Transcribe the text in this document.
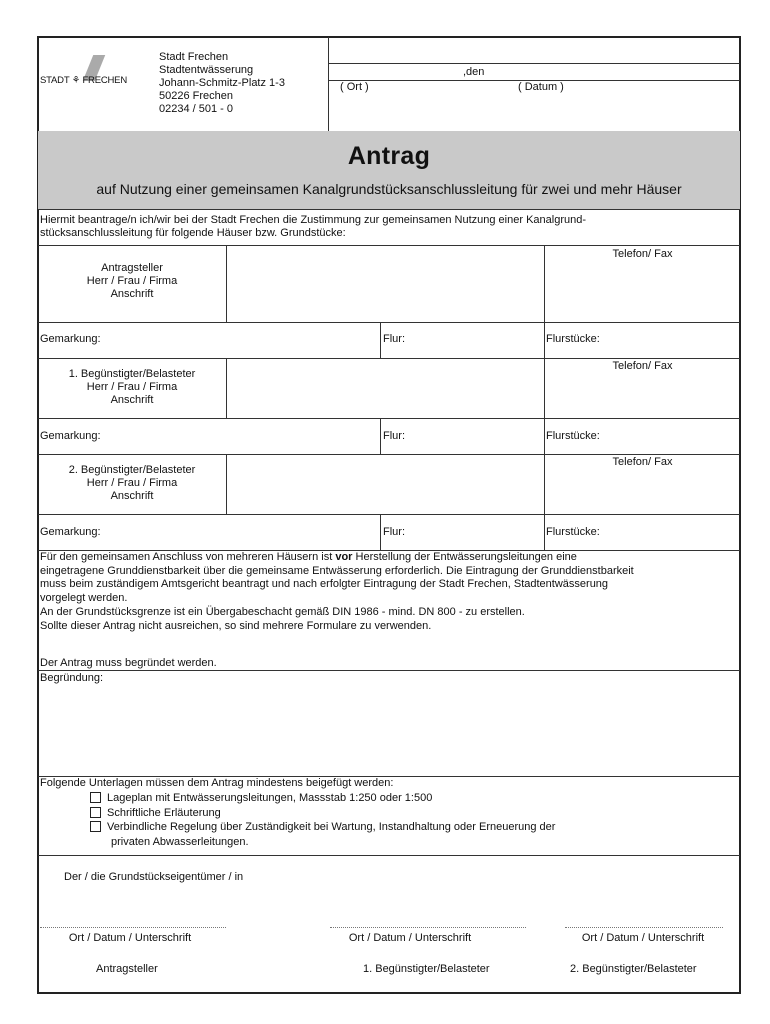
STADT ⚘ FRECHEN
Stadt Frechen
Stadtentwässerung
Johann-Schmitz-Platz 1-3
50226 Frechen
02234 / 501 - 0
,den
( Ort )	( Datum )
Antrag
auf Nutzung einer gemeinsamen Kanalgrundstücksanschlussleitung für zwei und mehr Häuser
Hiermit beantrage/n ich/wir bei der Stadt Frechen die Zustimmung zur gemeinsamen Nutzung einer Kanalgrund-
stücksanschlussleitung für folgende Häuser bzw. Grundstücke:
Antragsteller
Herr / Frau / Firma
Anschrift
Telefon/ Fax
Gemarkung:	Flur:	Flurstücke:
1. Begünstigter/Belasteter
Herr / Frau / Firma
Anschrift
Telefon/ Fax
Gemarkung:	Flur:	Flurstücke:
2. Begünstigter/Belasteter
Herr / Frau / Firma
Anschrift
Telefon/ Fax
Gemarkung:	Flur:	Flurstücke:
Für den gemeinsamen Anschluss von mehreren Häusern ist vor Herstellung der Entwässerungsleitungen eine
eingetragene Grunddienstbarkeit über die gemeinsame Entwässerung erforderlich. Die Eintragung der Grunddienstbarkeit
muss beim zuständigem Amtsgericht beantragt und nach erfolgter Eintragung der Stadt Frechen, Stadtentwässerung
vorgelegt werden.
An der Grundstücksgrenze ist ein Übergabeschacht gemäß DIN 1986 - mind. DN 800 - zu erstellen.
Sollte dieser Antrag nicht ausreichen, so sind mehrere Formulare zu verwenden.
Der Antrag muss begründet werden.
Begründung:
Folgende Unterlagen müssen dem Antrag mindestens beigefügt werden:
Lageplan mit Entwässerungsleitungen, Massstab 1:250 oder 1:500
Schriftliche Erläuterung
Verbindliche Regelung über Zuständigkeit bei Wartung, Instandhaltung oder Erneuerung der
privaten Abwasserleitungen.
Der / die Grundstückseigentümer / in
Ort / Datum / Unterschrift	Ort / Datum / Unterschrift	Ort / Datum / Unterschrift
Antragsteller	1. Begünstigter/Belasteter	2. Begünstigter/Belasteter
